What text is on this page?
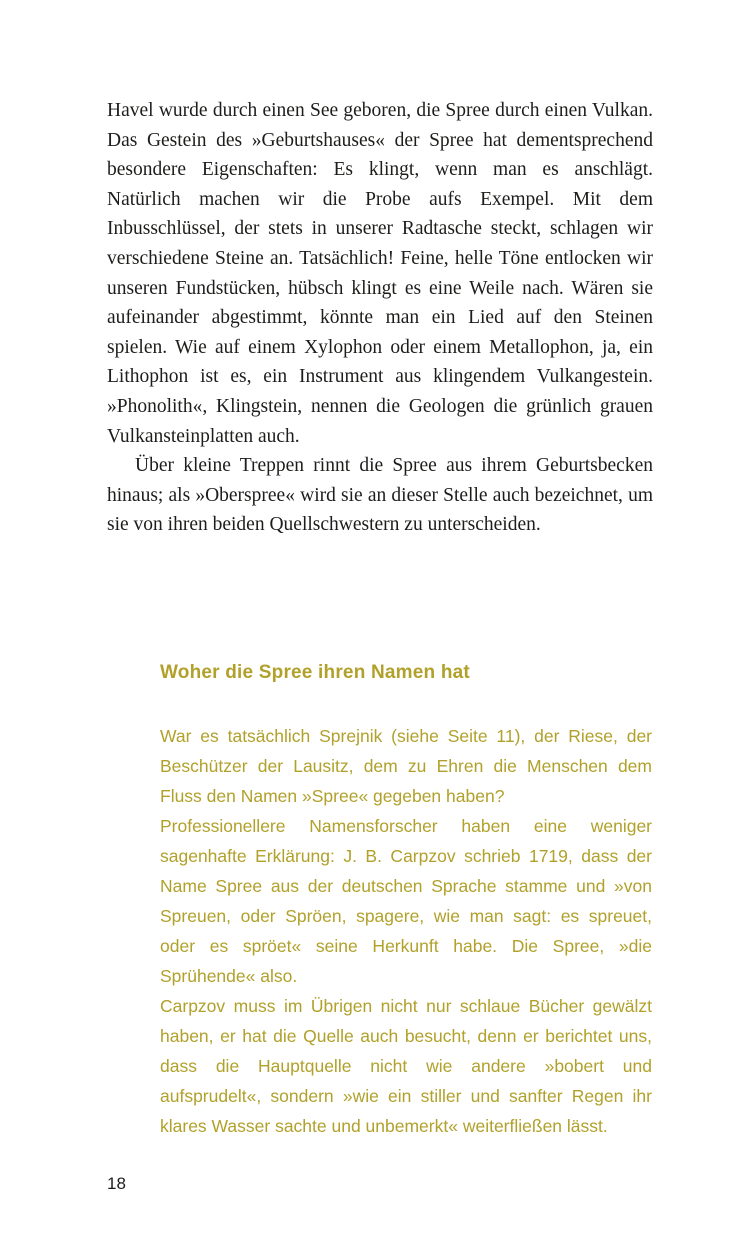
Havel wurde durch einen See geboren, die Spree durch einen Vulkan. Das Gestein des »Geburtshauses« der Spree hat dementsprechend besondere Eigenschaften: Es klingt, wenn man es anschlägt. Natürlich machen wir die Probe aufs Exempel. Mit dem Inbusschlüssel, der stets in unserer Radtasche steckt, schlagen wir verschiedene Steine an. Tatsächlich! Feine, helle Töne entlocken wir unseren Fundstücken, hübsch klingt es eine Weile nach. Wären sie aufeinander abgestimmt, könnte man ein Lied auf den Steinen spielen. Wie auf einem Xylophon oder einem Metallophon, ja, ein Lithophon ist es, ein Instrument aus klingendem Vulkangestein. »Phonolith«, Klingstein, nennen die Geologen die grünlich grauen Vulkansteinplatten auch.

Über kleine Treppen rinnt die Spree aus ihrem Geburtsbecken hinaus; als »Oberspree« wird sie an dieser Stelle auch bezeichnet, um sie von ihren beiden Quellschwestern zu unterscheiden.

Woher die Spree ihren Namen hat

War es tatsächlich Sprejnik (siehe Seite 11), der Riese, der Beschützer der Lausitz, dem zu Ehren die Menschen dem Fluss den Namen »Spree« gegeben haben?

Professionellere Namensforscher haben eine weniger sagenhafte Erklärung: J. B. Carpzov schrieb 1719, dass der Name Spree aus der deutschen Sprache stamme und »von Spreuen, oder Spröen, spagere, wie man sagt: es spreuet, oder es spröet« seine Herkunft habe. Die Spree, »die Sprühende« also.

Carpzov muss im Übrigen nicht nur schlaue Bücher gewälzt haben, er hat die Quelle auch besucht, denn er berichtet uns, dass die Hauptquelle nicht wie andere »bobert und aufsprudelt«, sondern »wie ein stiller und sanfter Regen ihr klares Wasser sachte und unbemerkt« weiterfließen lässt.

18
